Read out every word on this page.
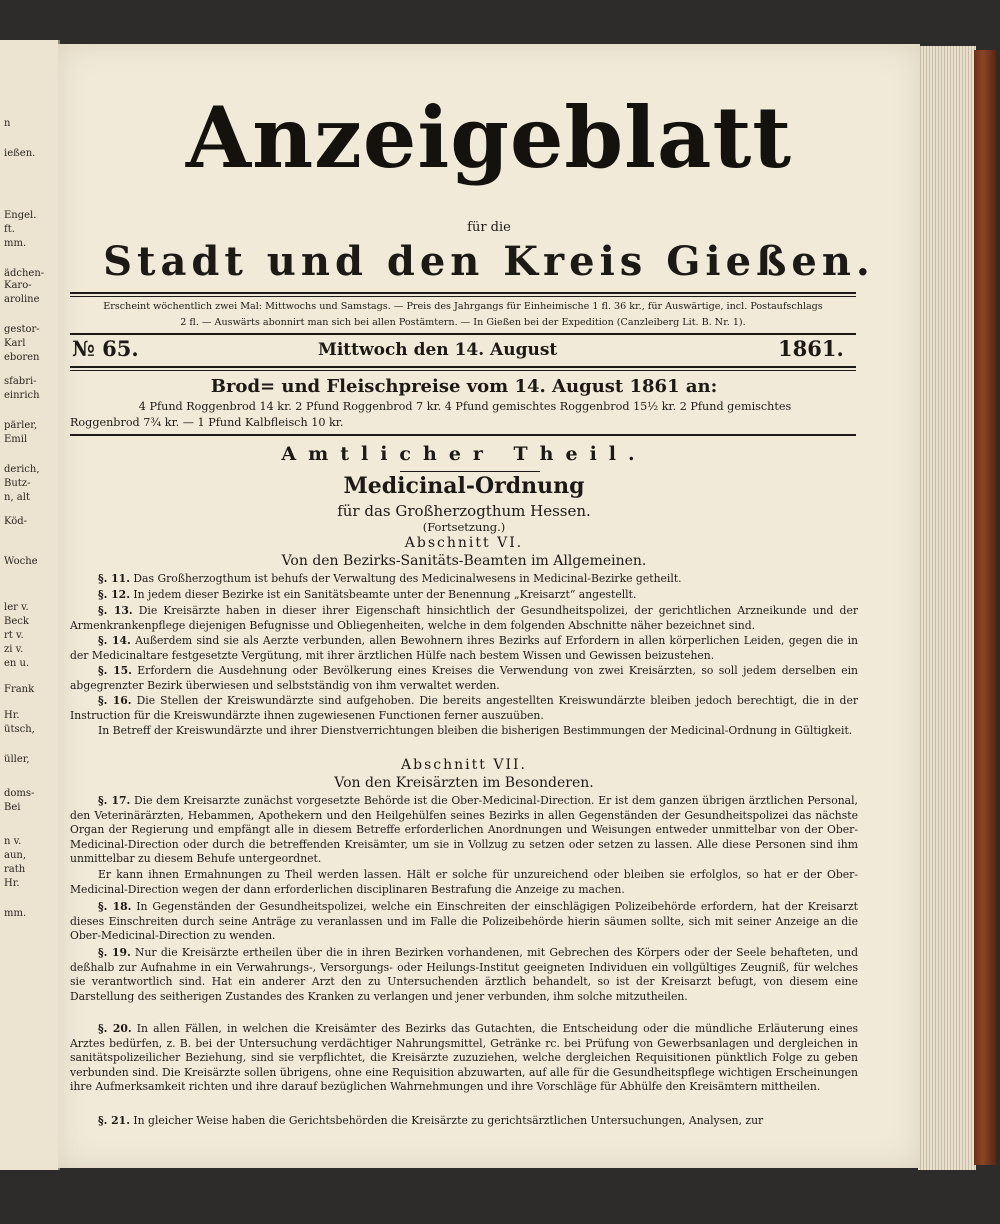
n
ießen.
Engel.
ft.
mm.
ädchen-
Karo-
aroline
gestor-
Karl
eboren
sfabri-
einrich
pärler,
Emil
derich,
Butz-
n, alt
Köd-
Woche
ler v.
Beck
rt v.
zi v.
en u.
Frank
Hr.
ütsch,
üller,
doms-
Bei
n v.
aun,
rath
Hr.
mm.
Anzeigeblatt
für die
Stadt und den Kreis Gießen.
Erscheint wöchentlich zwei Mal: Mittwochs und Samstags. — Preis des Jahrgangs für Einheimische 1 fl. 36 kr., für Auswärtige, incl. Postaufschlags
2 fl. — Auswärts abonnirt man sich bei allen Postämtern. — In Gießen bei der Expedition (Canzleiberg Lit. B. Nr. 1).
№ 65.	Mittwoch den 14. August	1861.
Brod= und Fleischpreise vom 14. August 1861 an:
4 Pfund Roggenbrod 14 kr. 2 Pfund Roggenbrod 7 kr. 4 Pfund gemischtes Roggenbrod 15½ kr. 2 Pfund gemischtes
Roggenbrod 7¾ kr. — 1 Pfund Kalbfleisch 10 kr.
Amtlicher Theil.
Medicinal-Ordnung
für das Großherzogthum Hessen.
(Fortsetzung.)
Abschnitt VI.
Von den Bezirks-Sanitäts-Beamten im Allgemeinen.
§. 11. Das Großherzogthum ist behufs der Verwaltung des Medicinalwesens in Medicinal-Bezirke getheilt.
§. 12. In jedem dieser Bezirke ist ein Sanitätsbeamte unter der Benennung „Kreisarzt“ angestellt.
§. 13. Die Kreisärzte haben in dieser ihrer Eigenschaft hinsichtlich der Gesundheitspolizei, der gerichtlichen Arzneikunde und der Armenkrankenpflege diejenigen Befugnisse und Obliegenheiten, welche in dem folgenden Abschnitte näher bezeichnet sind.
§. 14. Außerdem sind sie als Aerzte verbunden, allen Bewohnern ihres Bezirks auf Erfordern in allen körperlichen Leiden, gegen die in der Medicinaltare festgesetzte Vergütung, mit ihrer ärztlichen Hülfe nach bestem Wissen und Gewissen beizustehen.
§. 15. Erfordern die Ausdehnung oder Bevölkerung eines Kreises die Verwendung von zwei Kreisärzten, so soll jedem derselben ein abgegrenzter Bezirk überwiesen und selbstständig von ihm verwaltet werden.
§. 16. Die Stellen der Kreiswundärzte sind aufgehoben. Die bereits angestellten Kreiswundärzte bleiben jedoch berechtigt, die in der Instruction für die Kreiswundärzte ihnen zugewiesenen Functionen ferner auszuüben.
In Betreff der Kreiswundärzte und ihrer Dienstverrichtungen bleiben die bisherigen Bestimmungen der Medicinal-Ordnung in Gültigkeit.
Abschnitt VII.
Von den Kreisärzten im Besonderen.
§. 17. Die dem Kreisarzte zunächst vorgesetzte Behörde ist die Ober-Medicinal-Direction. Er ist dem ganzen übrigen ärztlichen Personal, den Veterinärärzten, Hebammen, Apothekern und den Heilgehülfen seines Bezirks in allen Gegenständen der Gesundheitspolizei das nächste Organ der Regierung und empfängt alle in diesem Betreffe erforderlichen Anordnungen und Weisungen entweder unmittelbar von der Ober-Medicinal-Direction oder durch die betreffenden Kreisämter, um sie in Vollzug zu setzen oder setzen zu lassen. Alle diese Personen sind ihm unmittelbar zu diesem Behufe untergeordnet.
Er kann ihnen Ermahnungen zu Theil werden lassen. Hält er solche für unzureichend oder bleiben sie erfolglos, so hat er der Ober-Medicinal-Direction wegen der dann erforderlichen disciplinaren Bestrafung die Anzeige zu machen.
§. 18. In Gegenständen der Gesundheitspolizei, welche ein Einschreiten der einschlägigen Polizeibehörde erfordern, hat der Kreisarzt dieses Einschreiten durch seine Anträge zu veranlassen und im Falle die Polizeibehörde hierin säumen sollte, sich mit seiner Anzeige an die Ober-Medicinal-Direction zu wenden.
§. 19. Nur die Kreisärzte ertheilen über die in ihren Bezirken vorhandenen, mit Gebrechen des Körpers oder der Seele behafteten, und deßhalb zur Aufnahme in ein Verwahrungs-, Versorgungs- oder Heilungs-Institut geeigneten Individuen ein vollgültiges Zeugniß, für welches sie verantwortlich sind. Hat ein anderer Arzt den zu Untersuchenden ärztlich behandelt, so ist der Kreisarzt befugt, von diesem eine Darstellung des seitherigen Zustandes des Kranken zu verlangen und jener verbunden, ihm solche mitzutheilen.
§. 20. In allen Fällen, in welchen die Kreisämter des Bezirks das Gutachten, die Entscheidung oder die mündliche Erläuterung eines Arztes bedürfen, z. B. bei der Untersuchung verdächtiger Nahrungsmittel, Getränke rc. bei Prüfung von Gewerbsanlagen und dergleichen in sanitätspolizeilicher Beziehung, sind sie verpflichtet, die Kreisärzte zuzuziehen, welche dergleichen Requisitionen pünktlich Folge zu geben verbunden sind. Die Kreisärzte sollen übrigens, ohne eine Requisition abzuwarten, auf alle für die Gesundheitspflege wichtigen Erscheinungen ihre Aufmerksamkeit richten und ihre darauf bezüglichen Wahrnehmungen und ihre Vorschläge für Abhülfe den Kreisämtern mittheilen.
§. 21. In gleicher Weise haben die Gerichtsbehörden die Kreisärzte zu gerichtsärztlichen Untersuchungen, Analysen, zur
